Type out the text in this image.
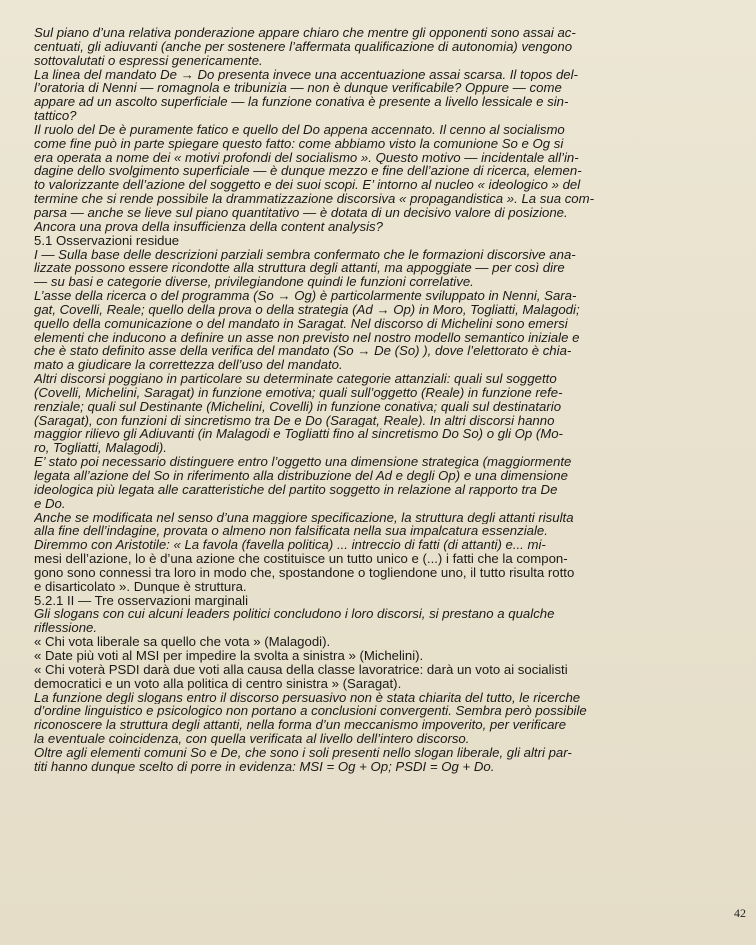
Sul piano d’una relativa ponderazione appare chiaro che mentre gli opponenti sono assai ac-
centuati, gli adiuvanti (anche per sostenere l’affermata qualificazione di autonomia) vengono
sottovalutati o espressi genericamente.
La linea del mandato De → Do presenta invece una accentuazione assai scarsa. Il topos del-
l’oratoria di Nenni — romagnola e tribunizia — non è dunque verificabile? Oppure — come
appare ad un ascolto superficiale — la funzione conativa è presente a livello lessicale e sin-
tattico?
Il ruolo del De è puramente fatico e quello del Do appena accennato. Il cenno al socialismo
come fine può in parte spiegare questo fatto: come abbiamo visto la comunione So e Og si
era operata a nome dei « motivi profondi del socialismo ». Questo motivo — incidentale all’in-
dagine dello svolgimento superficiale — è dunque mezzo e fine dell’azione di ricerca, elemen-
to valorizzante dell’azione del soggetto e dei suoi scopi. E’ intorno al nucleo « ideologico » del
termine che si rende possibile la drammatizzazione discorsiva « propagandistica ». La sua com-
parsa — anche se lieve sul piano quantitativo — è dotata di un decisivo valore di posizione.
Ancora una prova della insufficienza della content analysis?
5.1 Osservazioni residue
I — Sulla base delle descrizioni parziali sembra confermato che le formazioni discorsive ana-
lizzate possono essere ricondotte alla struttura degli attanti, ma appoggiate — per così dire
— su basi e categorie diverse, privilegiandone quindi le funzioni correlative.
L’asse della ricerca o del programma (So → Og) è particolarmente sviluppato in Nenni, Sara-
gat, Covelli, Reale; quello della prova o della strategia (Ad → Op) in Moro, Togliatti, Malagodi;
quello della comunicazione o del mandato in Saragat. Nel discorso di Michelini sono emersi
elementi che inducono a definire un asse non previsto nel nostro modello semantico iniziale e
che è stato definito asse della verifica del mandato (So → De (So) ), dove l’elettorato è chia-
mato a giudicare la correttezza dell’uso del mandato.
Altri discorsi poggiano in particolare su determinate categorie attanziali: quali sul soggetto
(Covelli, Michelini, Saragat) in funzione emotiva; quali sull’oggetto (Reale) in funzione refe-
renziale; quali sul Destinante (Michelini, Covelli) in funzione conativa; quali sul destinatario
(Saragat), con funzioni di sincretismo tra De e Do (Saragat, Reale). In altri discorsi hanno
maggior rilievo gli Adiuvanti (in Malagodi e Togliatti fino al sincretismo Do So) o gli Op (Mo-
ro, Togliatti, Malagodi).
E’ stato poi necessario distinguere entro l’oggetto una dimensione strategica (maggiormente
legata all’azione del So in riferimento alla distribuzione del Ad e degli Op) e una dimensione
ideologica più legata alle caratteristiche del partito soggetto in relazione al rapporto tra De
e Do.
Anche se modificata nel senso d’una maggiore specificazione, la struttura degli attanti risulta
alla fine dell’indagine, provata o almeno non falsificata nella sua impalcatura essenziale.
Diremmo con Aristotile: « La favola (favella politica) ... intreccio di fatti (di attanti) e... mi-
mesi dell’azione, lo è d’una azione che costituisce un tutto unico e (...) i fatti che la compon-
gono sono connessi tra loro in modo che, spostandone o togliendone uno, il tutto risulta rotto
e disarticolato ». Dunque è struttura.
5.2.1 II — Tre osservazioni marginali
Gli slogans con cui alcuni leaders politici concludono i loro discorsi, si prestano a qualche
riflessione.
« Chi vota liberale sa quello che vota » (Malagodi).
« Date più voti al MSI per impedire la svolta a sinistra » (Michelini).
« Chi voterà PSDI darà due voti alla causa della classe lavoratrice: darà un voto ai socialisti
democratici e un voto alla politica di centro sinistra » (Saragat).
La funzione degli slogans entro il discorso persuasivo non è stata chiarita del tutto, le ricerche
d’ordine linguistico e psicologico non portano a conclusioni convergenti. Sembra però possibile
riconoscere la struttura degli attanti, nella forma d’un meccanismo impoverito, per verificare
la eventuale coincidenza, con quella verificata al livello dell’intero discorso.
Oltre agli elementi comuni So e De, che sono i soli presenti nello slogan liberale, gli altri par-
titi hanno dunque scelto di porre in evidenza: MSI = Og + Op; PSDI = Og + Do.
42
